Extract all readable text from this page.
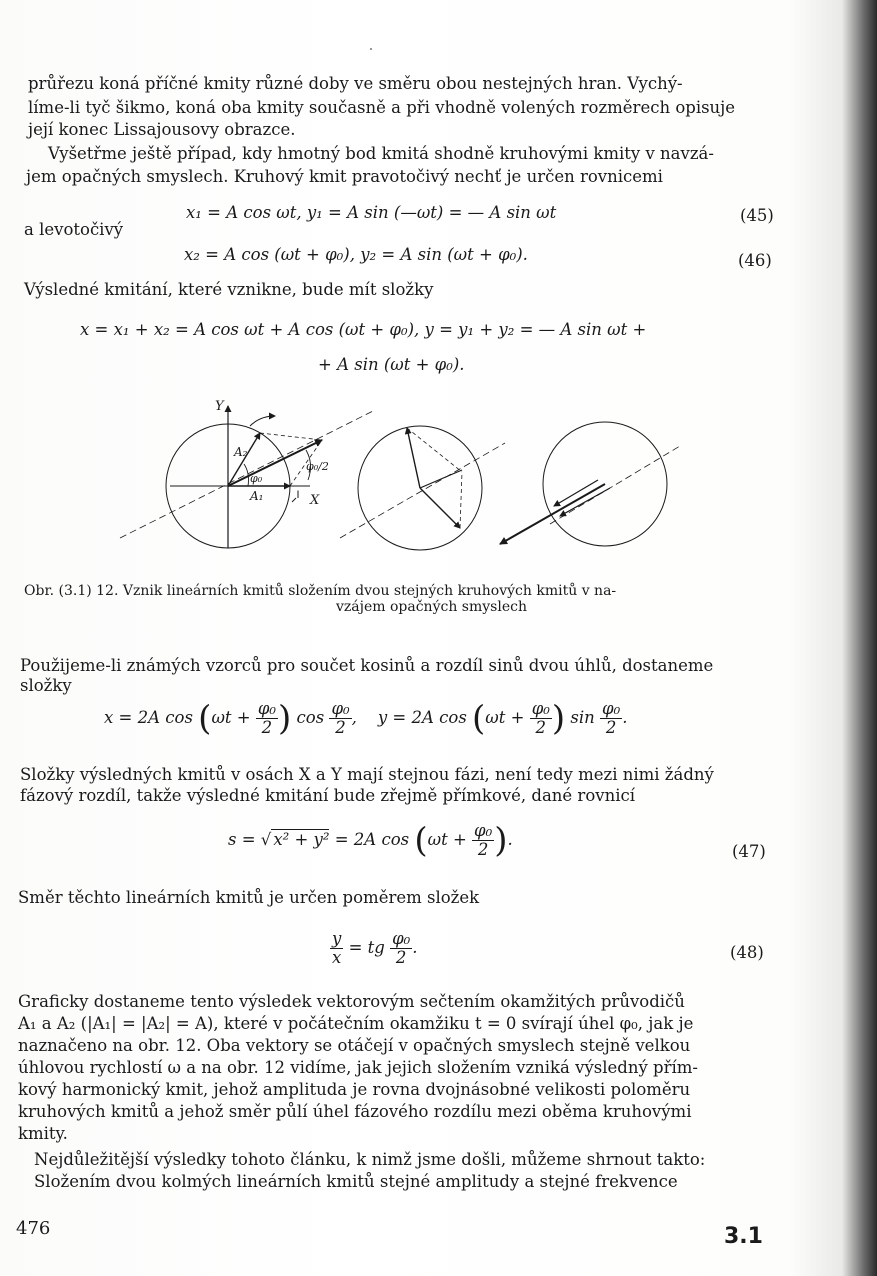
průřezu koná příčné kmity různé doby ve směru obou nestejných hran. Vychý-
líme-li tyč šikmo, koná oba kmity současně a při vhodně volených rozměrech opisuje
její konec Lissajousovy obrazce.
Vyšetřme ještě případ, kdy hmotný bod kmitá shodně kruhovými kmity v navzá-
jem opačných smyslech. Kruhový kmit pravotočivý nechť je určen rovnicemi
x₁ = A cos ωt, y₁ = A sin (—ωt) = — A sin ωt	(45)
a levotočivý
x₂ = A cos (ωt + φ₀), y₂ = A sin (ωt + φ₀).	(46)
Výsledné kmitání, které vznikne, bude mít složky
x = x₁ + x₂ = A cos ωt + A cos (ωt + φ₀), y = y₁ + y₂ = — A sin ωt +
+ A sin (ωt + φ₀).
Y
X
A₁
A₂
φ₀
φ₀/2
Obr. (3.1) 12. Vznik lineárních kmitů složením dvou stejných kruhových kmitů v na-
vzájem opačných smyslech
Použijeme-li známých vzorců pro součet kosinů a rozdíl sinů dvou úhlů, dostaneme
složky
x = 2A $\cos (\omega t + \frac{\text{φ₀}}{2}$ ) $\cos \frac{\text{φ₀}}{2}$ ,    y = 2A $\cos (\omega t + \frac{\text{φ₀}}{2}$ ) $\sin \frac{\text{φ₀}}{2}$ .
Složky výsledných kmitů v osách X a Y mají stejnou fázi, není tedy mezi nimi žádný
fázový rozdíl, takže výsledné kmitání bude zřejmě přímkové, dané rovnicí
s = √ x² + y² = 2A $\cos (\omega t + \frac{\text{φ₀}}{2}$ ).
(47)
Směr těchto lineárních kmitů je určen poměrem složek
$\frac{y}{x}$ = tg $\frac{\text{φ₀}}{2}$ .	(48)
Graficky dostaneme tento výsledek vektorovým sečtením okamžitých průvodičů
A₁ a A₂ (|A₁| = |A₂| = A), které v počátečním okamžiku t = 0 svírají úhel φ₀, jak je
naznačeno na obr. 12. Oba vektory se otáčejí v opačných smyslech stejně velkou
úhlovou rychlostí ω a na obr. 12 vidíme, jak jejich složením vzniká výsledný přím-
kový harmonický kmit, jehož amplituda je rovna dvojnásobné velikosti poloměru
kruhových kmitů a jehož směr půlí úhel fázového rozdílu mezi oběma kruhovými
kmity.
Nejdůležitější výsledky tohoto článku, k nimž jsme došli, můžeme shrnout takto:
Složením dvou kolmých lineárních kmitů stejné amplitudy a stejné frekvence
476	3.1
